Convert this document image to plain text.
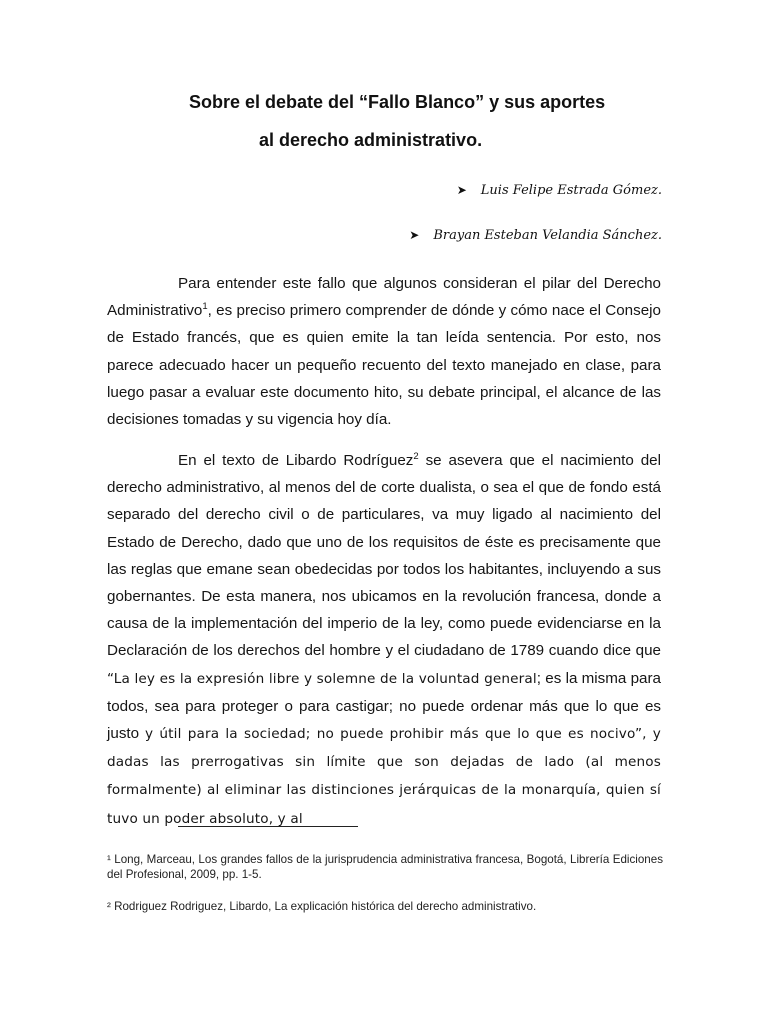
Sobre el debate del “Fallo Blanco” y sus aportes
al derecho administrativo.
➤ Luis Felipe Estrada Gómez.
➤ Brayan Esteban Velandia Sánchez.

Para entender este fallo que algunos consideran el pilar del Derecho Administrativo$^1$, es preciso primero comprender de dónde y cómo nace el Consejo de Estado francés, que es quien emite la tan leída sentencia. Por esto, nos parece adecuado hacer un pequeño recuento del texto manejado en clase, para luego pasar a evaluar este documento hito, su debate principal, el alcance de las decisiones tomadas y su vigencia hoy día.

En el texto de Libardo Rodríguez$^2$ se asevera que el nacimiento del derecho administrativo, al menos del de corte dualista, o sea el que de fondo está separado del derecho civil o de particulares, va muy ligado al nacimiento del Estado de Derecho, dado que uno de los requisitos de éste es precisamente que las reglas que emane sean obedecidas por todos los habitantes, incluyendo a sus gobernantes. De esta manera, nos ubicamos en la revolución francesa, donde a causa de la implementación del imperio de la ley, como puede evidenciarse en la Declaración de los derechos del hombre y el ciudadano de 1789 cuando dice que “La ley es la expresión libre y solemne de la voluntad general; es la misma para todos, sea para proteger o para castigar; no puede ordenar más que lo que es justo y útil para la sociedad; no puede prohibir más que lo que es nocivo”, y dadas las prerrogativas sin límite que son dejadas de lado (al menos formalmente) al eliminar las distinciones jerárquicas de la monarquía, quien sí tuvo un poder absoluto, y al

¹ Long, Marceau, Los grandes fallos de la jurisprudencia administrativa francesa, Bogotá, Librería Ediciones del Profesional, 2009, pp. 1-5.

² Rodriguez Rodriguez, Libardo, La explicación histórica del derecho administrativo.
